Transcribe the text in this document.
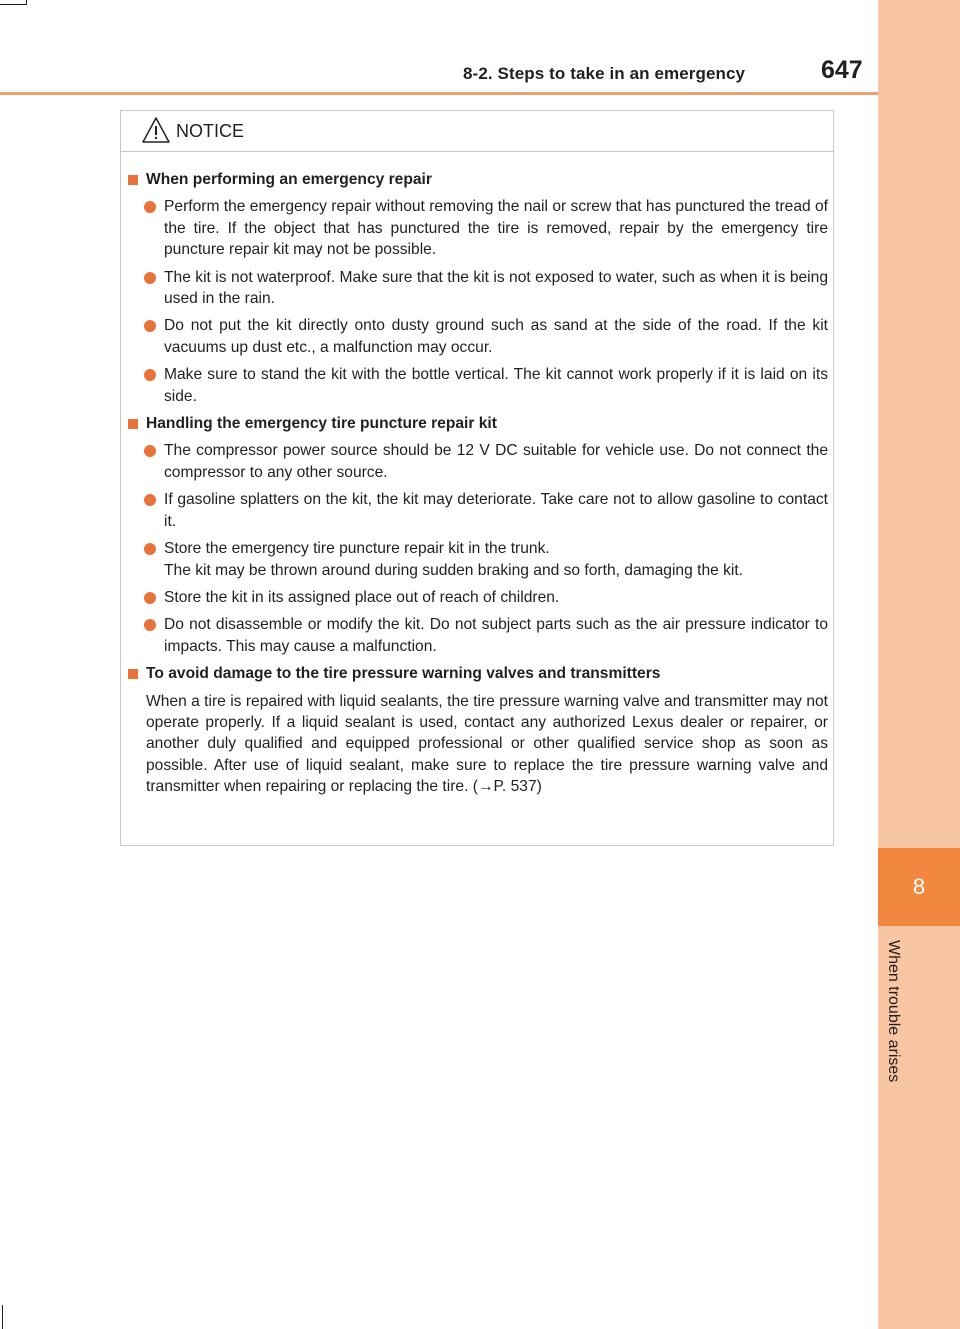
8
When trouble arises
8-2. Steps to take in an emergency	647
NOTICE
When performing an emergency repair
Perform the emergency repair without removing the nail or screw that has punctured the tread of the tire. If the object that has punctured the tire is removed, repair by the emergency tire puncture repair kit may not be possible.
The kit is not waterproof. Make sure that the kit is not exposed to water, such as when it is being used in the rain.
Do not put the kit directly onto dusty ground such as sand at the side of the road. If the kit vacuums up dust etc., a malfunction may occur.
Make sure to stand the kit with the bottle vertical. The kit cannot work properly if it is laid on its side.
Handling the emergency tire puncture repair kit
The compressor power source should be 12 V DC suitable for vehicle use. Do not connect the compressor to any other source.
If gasoline splatters on the kit, the kit may deteriorate. Take care not to allow gasoline to contact it.
Store the emergency tire puncture repair kit in the trunk.
The kit may be thrown around during sudden braking and so forth, damaging the kit.
Store the kit in its assigned place out of reach of children.
Do not disassemble or modify the kit. Do not subject parts such as the air pressure indicator to impacts. This may cause a malfunction.
To avoid damage to the tire pressure warning valves and transmitters
When a tire is repaired with liquid sealants, the tire pressure warning valve and transmitter may not operate properly. If a liquid sealant is used, contact any authorized Lexus dealer or repairer, or another duly qualified and equipped professional or other qualified service shop as soon as possible. After use of liquid sealant, make sure to replace the tire pressure warning valve and transmitter when repairing or replacing the tire. (→P. 537)
